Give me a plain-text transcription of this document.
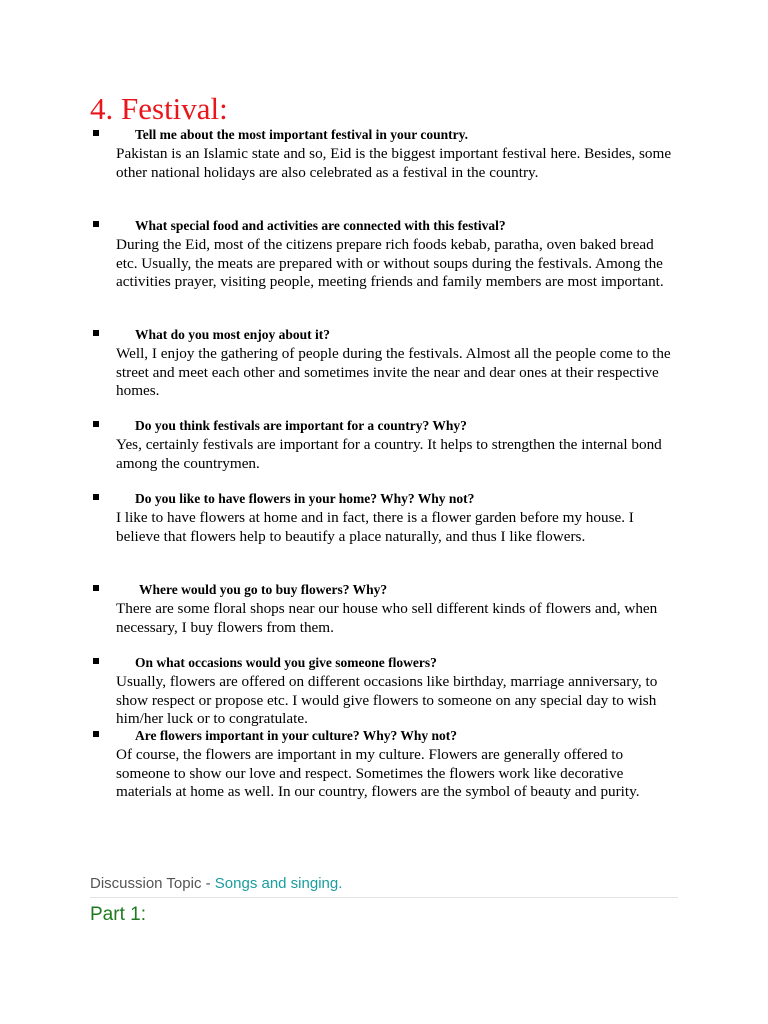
4. Festival:

Tell me about the most important festival in your country.

Pakistan is an Islamic state and so, Eid is the biggest important festival here. Besides, some other national holidays are also celebrated as a festival in the country.

What special food and activities are connected with this festival?

During the Eid, most of the citizens prepare rich foods kebab, paratha, oven baked bread etc. Usually, the meats are prepared with or without soups during the festivals. Among the activities prayer, visiting people, meeting friends and family members are most important.

What do you most enjoy about it?

Well, I enjoy the gathering of people during the festivals. Almost all the people come to the street and meet each other and sometimes invite the near and dear ones at their respective homes.

Do you think festivals are important for a country? Why?

Yes, certainly festivals are important for a country. It helps to strengthen the internal bond among the countrymen.

Do you like to have flowers in your home? Why? Why not?

I like to have flowers at home and in fact, there is a flower garden before my house. I believe that flowers help to beautify a place naturally, and thus I like flowers.

Where would you go to buy flowers? Why?

There are some floral shops near our house who sell different kinds of flowers and, when necessary, I buy flowers from them.

On what occasions would you give someone flowers?

Usually, flowers are offered on different occasions like birthday, marriage anniversary, to show respect or propose etc. I would give flowers to someone on any special day to wish him/her luck or to congratulate.

Are flowers important in your culture? Why? Why not?

Of course, the flowers are important in my culture. Flowers are generally offered to someone to show our love and respect. Sometimes the flowers work like decorative materials at home as well. In our country, flowers are the symbol of beauty and purity.

Discussion Topic - Songs and singing.
Part 1:
